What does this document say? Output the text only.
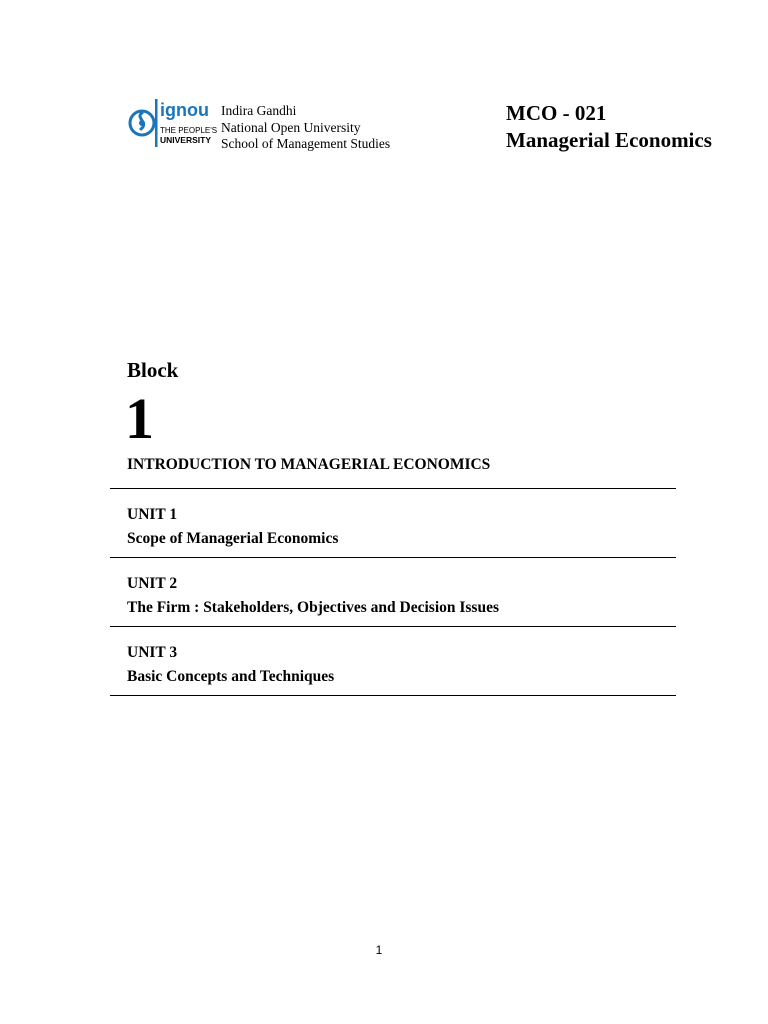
ignou
THE PEOPLE'S
UNIVERSITY
Indira Gandhi
National Open University
School of Management Studies
MCO - 021
Managerial Economics
Block
1
INTRODUCTION TO MANAGERIAL ECONOMICS
UNIT 1
Scope of Managerial Economics
UNIT 2
The Firm : Stakeholders, Objectives and Decision Issues
UNIT 3
Basic Concepts and Techniques
1
